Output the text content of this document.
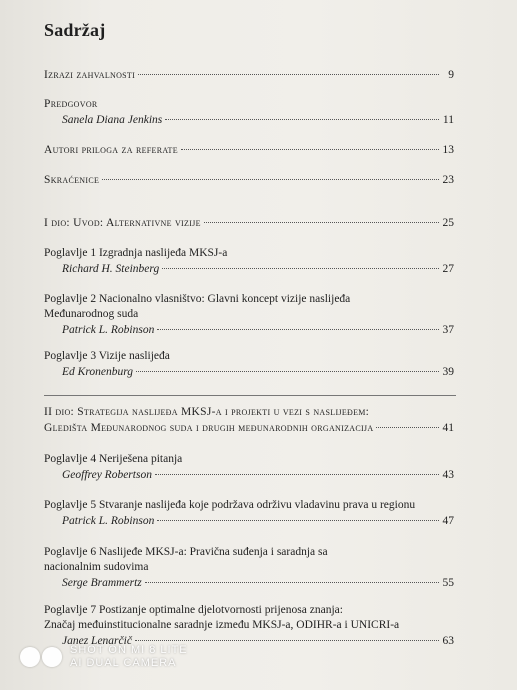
Sadržaj
Izrazi zahvalnosti	9
Predgovor
Sanela Diana Jenkins	11
Autori priloga za referate	13
Skraćenice	23
I dio: Uvod: Alternativne vizije	25
Poglavlje 1 Izgradnja naslijeđa MKSJ-a
Richard H. Steinberg	27
Poglavlje 2 Nacionalno vlasništvo: Glavni koncept vizije naslijeđa
Međunarodnog suda
Patrick L. Robinson	37
Poglavlje 3 Vizije naslijeđa
Ed Kronenburg	39
II dio: Strategija naslijeđa MKSJ-a i projekti u vezi s naslijeđem:
Gledišta Međunarodnog suda i drugih međunarodnih organizacija	41
Poglavlje 4 Neriješena pitanja
Geoffrey Robertson	43
Poglavlje 5 Stvaranje naslijeđa koje podržava održivu vladavinu prava u regionu
Patrick L. Robinson	47
Poglavlje 6 Naslijeđe MKSJ-a: Pravična suđenja i saradnja sa
nacionalnim sudovima
Serge Brammertz	55
Poglavlje 7 Postizanje optimalne djelotvornosti prijenosa znanja:
Značaj međuinstitucionalne saradnje između MKSJ-a, ODIHR-a i UNICRI-a
Janez Lenarčič	63
SHOT ON MI 8 LITE
AI DUAL CAMERA
